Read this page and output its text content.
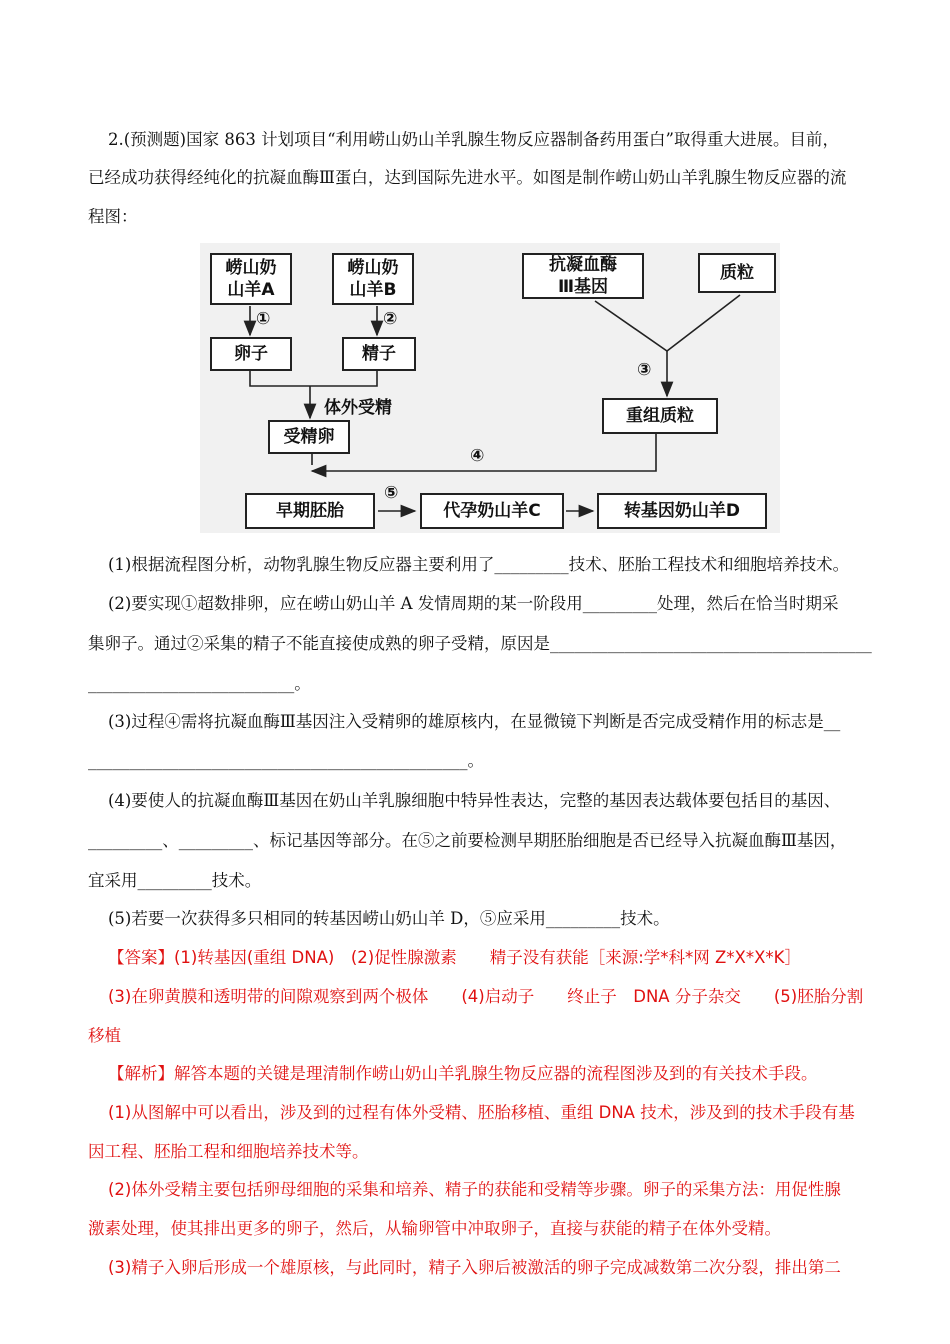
2.(预测题)国家 863 计划项目“利用崂山奶山羊乳腺生物反应器制备药用蛋白”取得重大进展。目前，
已经成功获得经纯化的抗凝血酶Ⅲ蛋白，达到国际先进水平。如图是制作崂山奶山羊乳腺生物反应器的流
程图：
崂山奶
山羊A
崂山奶
山羊B
抗凝血酶
Ⅲ基因
质粒
①	②
卵子	精子
体外受精
③
重组质粒
受精卵
④
⑤
早期胚胎	代孕奶山羊C	转基因奶山羊D
(1)根据流程图分析，动物乳腺生物反应器主要利用了_________技术、胚胎工程技术和细胞培养技术。
(2)要实现①超数排卵，应在崂山奶山羊 A 发情周期的某一阶段用_________处理，然后在恰当时期采
集卵子。通过②采集的精子不能直接使成熟的卵子受精，原因是_______________________________________
_________________________。
(3)过程④需将抗凝血酶Ⅲ基因注入受精卵的雄原核内，在显微镜下判断是否完成受精作用的标志是__
______________________________________________。
(4)要使人的抗凝血酶Ⅲ基因在奶山羊乳腺细胞中特异性表达，完整的基因表达载体要包括目的基因、
_________、_________、标记基因等部分。在⑤之前要检测早期胚胎细胞是否已经导入抗凝血酶Ⅲ基因，
宜采用_________技术。
(5)若要一次获得多只相同的转基因崂山奶山羊 D，⑤应采用_________技术。
【答案】(1)转基因(重组 DNA)　(2)促性腺激素　　精子没有获能［来源:学*科*网 Z*X*X*K］
(3)在卵黄膜和透明带的间隙观察到两个极体　　(4)启动子　　终止子　DNA 分子杂交　　(5)胚胎分割
移植
【解析】解答本题的关键是理清制作崂山奶山羊乳腺生物反应器的流程图涉及到的有关技术手段。
(1)从图解中可以看出，涉及到的过程有体外受精、胚胎移植、重组 DNA 技术，涉及到的技术手段有基
因工程、胚胎工程和细胞培养技术等。
(2)体外受精主要包括卵母细胞的采集和培养、精子的获能和受精等步骤。卵子的采集方法：用促性腺
激素处理，使其排出更多的卵子，然后，从输卵管中冲取卵子，直接与获能的精子在体外受精。
(3)精子入卵后形成一个雄原核，与此同时，精子入卵后被激活的卵子完成减数第二次分裂，排出第二
